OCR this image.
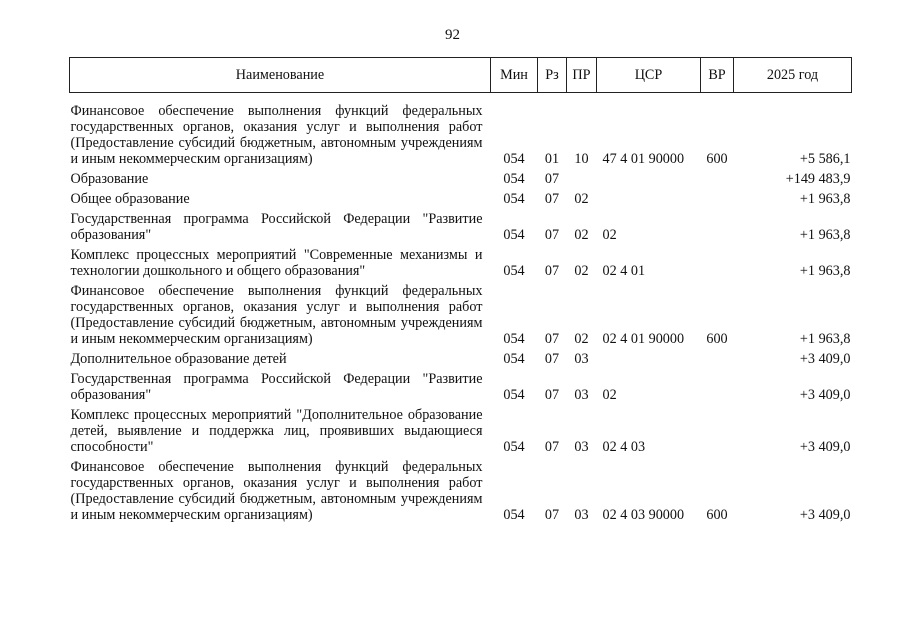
92
Наименование	Мин	Рз	ПР	ЦСР	ВР	2025 год

Финансовое обеспечение выполнения функций федеральных государственных органов, оказания услуг и выполнения работ (Предоставление субсидий бюджетным, автономным учреждениям и иным некоммерческим организациям)	054	01	10	47 4 01 90000	600	+5 586,1
Образование	054	07				+149 483,9
Общее образование	054	07	02			+1 963,8
Государственная программа Российской Федерации "Развитие образования"	054	07	02	02		+1 963,8
Комплекс процессных мероприятий "Современные механизмы и технологии дошкольного и общего образования"	054	07	02	02 4 01		+1 963,8
Финансовое обеспечение выполнения функций федеральных государственных органов, оказания услуг и выполнения работ (Предоставление субсидий бюджетным, автономным учреждениям и иным некоммерческим организациям)	054	07	02	02 4 01 90000	600	+1 963,8
Дополнительное образование детей	054	07	03			+3 409,0
Государственная программа Российской Федерации "Развитие образования"	054	07	03	02		+3 409,0
Комплекс процессных мероприятий "Дополнительное образование детей, выявление и поддержка лиц, проявивших выдающиеся способности"	054	07	03	02 4 03		+3 409,0
Финансовое обеспечение выполнения функций федеральных государственных органов, оказания услуг и выполнения работ (Предоставление субсидий бюджетным, автономным учреждениям и иным некоммерческим организациям)	054	07	03	02 4 03 90000	600	+3 409,0
